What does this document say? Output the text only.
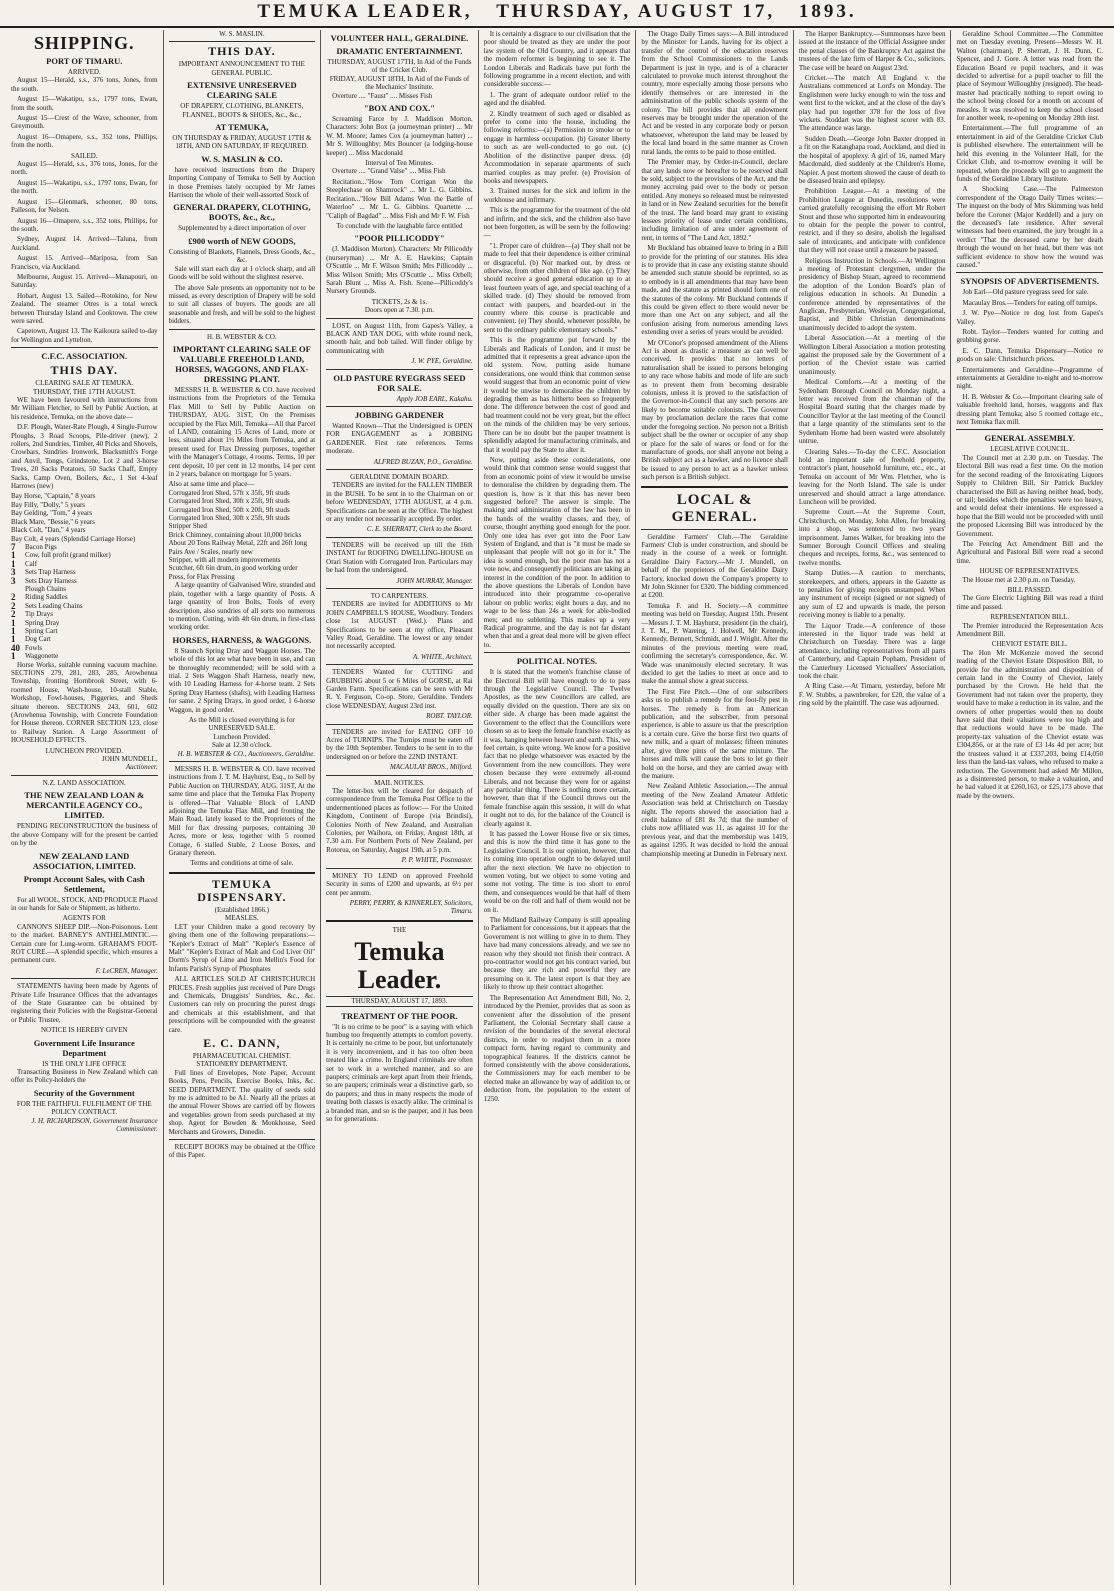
TEMUKA LEADER, THURSDAY, AUGUST 17, 1893.
SHIPPING.
PORT OF TIMARU.
ARRIVED.

August 15—Herald, s.s., 376 tons, Jones, from the south.

August 15—Wakatipu, s.s., 1797 tons, Ewan, from the south.

August 15—Crest of the Wave, schooner, from Greymouth.

August 16—Omapere, s.s., 352 tons, Phillips, from the north.

SAILED.

August 15—Herald, s.s., 376 tons, Jones, for the north.

August 15—Wakatipu, s.s., 1797 tons, Ewan, for the north.

August 15—Glenmark, schooner, 80 tons, Palleson, for Nelson.

August 16—Omapere, s.s., 352 tons, Phillips, for the south.

Sydney, August 14. Arrived—Taluna, from Auckland.

August 15. Arrived—Mariposa, from San Francisco, via Auckland.

Melbourne, August 15. Arrived—Manapouri, on Saturday.

Hobart, August 13. Sailed—Rotokino, for New Zealand. The steamer Otres is a total wreck between Thursday Island and Cooktown. The crew were saved.

Capetown, August 13. The Kaikoura sailed to-day for Wellington and Lyttelton.

C.F.C. ASSOCIATION.
THIS DAY.
CLEARING SALE AT TEMUKA.
THURSDAY, THE 17TH AUGUST.

WE have been favoured with instructions from Mr William Fletcher, to Sell by Public Auction, at his residence, Temuka, on the above date—

D.F. Plough, Water-Rate Plough, 4 Single-Furrow Ploughs, 3 Road Scoops, Pile-driver (new), 2 rollers, 2nd Sundries, Timber, 40 Picks and Shovels, Crowbars, Sundries Ironwork, Blacksmith's Forge and Anvil, Tongs, Grindstone, Lot 2 and 3-horse Trees, 20 Sacks Potatoes, 50 Sacks Chaff, Empty Sacks, Camp Oven, Boilers, &c., 1 Set 4-leaf Harrows (new)

Bay Horse, "Captain," 8 years
Bay Filly, "Dolly," 5 years
Bay Gelding, "Tom," 4 years
Black Mare, "Bessie," 6 years
Black Colt, "Dan," 4 years
Bay Colt, 4 years (Splendid Carriage Horse)
7	Bacon Pigs
1	Cow, full profit (grand milker)
1	Calf
3	Sets Trap Harness
3	Sets Dray Harness
Plough Chains
2	Riding Saddles
2	Sets Leading Chains
2	Tip Drays
1	Spring Dray
1	Spring Cart
1	Dog Cart
40 Fowls
1	Waggonette

Horse Works, suitable running vacuum machine. SECTIONS 279, 281, 283, 285, Arowhenua Township, fronting Hornbrook Street, with 6-roomed House, Wash-house, 10-stall Stable, Workshop, Fowl-houses, Piggeries, and Sheds situate thereon. SECTIONS 243, 601, 602 (Arowhenua Township, with Concrete Foundation for House thereon. CORNER SECTION 123, close to Railway Station. A Large Assortment of HOUSEHOLD EFFECTS.

LUNCHEON PROVIDED.
JOHN MUNDELL,
Auctioneer.
N.Z. LAND ASSOCIATION.
THE NEW ZEALAND LOAN & MERCANTILE AGENCY CO., LIMITED.

PENDING RECONSTRUCTION the business of the above Company will for the present be carried on by the

NEW ZEALAND LAND ASSOCIATION, LIMITED.
Prompt Account Sales, with Cash Settlement,

For all WOOL, STOCK, AND PRODUCE Placed in our hands for Sale or Shipment, as hitherto.

AGENTS FOR

CANNON'S SHEEP DIP.—Non-Poisonous. Lent to the market. BARNEY'S ANTHELMINTIC.—Certain cure for Lung-worm. GRAHAM'S FOOT-ROT CURE.—A splendid specific, which ensures a permanent cure.

F. LeCREN, Manager.

STATEMENTS having been made by Agents of Private Life Insurance Offices that the advantages of the State Guarantee can be obtained by registering their Policies with the Registrar-General or Public Trustee,

NOTICE IS HEREBY GIVEN
Government Life Insurance Department
IS THE ONLY LIFE OFFICE

Transacting Business in New Zealand which can offer its Policy-holders the

Security of the Government
FOR THE FAITHFUL FULFILMENT OF THE POLICY CONTRACT.
J. H. RICHARDSON, Government Insurance Commissioner.
W. S. MASLIN.
THIS DAY.
IMPORTANT ANNOUNCEMENT TO THE GENERAL PUBLIC.
EXTENSIVE UNRESERVED CLEARING SALE
OF DRAPERY, CLOTHING, BLANKETS, FLANNEL, BOOTS & SHOES, &c., &c.,
AT TEMUKA,
ON THURSDAY & FRIDAY, AUGUST 17TH & 18TH, AND ON SATURDAY, IF REQUIRED.
W. S. MASLIN & CO.

have received instructions from the Drapery Importing Company of Temuka to Sell by Auction in those Premises lately occupied by Mr James Harrison the whole of their well-assorted Stock of

GENERAL DRAPERY, CLOTHING, BOOTS, &c., &c.,
Supplemented by a direct importation of over
£900 worth of NEW GOODS,
Consisting of Blankets, Flannels, Dress Goods, &c., &c.

Sale will start each day at 1 o'clock sharp, and all Goods will be sold without the slightest reserve.

The above Sale presents an opportunity not to be missed, as every description of Drapery will be sold to suit all classes of buyers. The goods are all seasonable and fresh, and will be sold to the highest bidders.

H. B. WEBSTER & CO.
IMPORTANT CLEARING SALE OF VALUABLE FREEHOLD LAND, HORSES, WAGGONS, AND FLAX-DRESSING PLANT.

MESSRS H. B. WEBSTER & CO. have received instructions from the Proprietors of the Temuka Flax Mill to Sell by Public Auction on THURSDAY, AUG. 31ST, On the Premises occupied by the Flax Mill, Temuka—All that Parcel of LAND, containing 15 Acres of Land, more or less, situated about 1½ Miles from Temuka, and at present used for Flax Dressing purposes, together with the Manager's Cottage, 4 rooms. Terms, 10 per cent deposit, 10 per cent in 12 months, 14 per cent in 2 years, balance on mortgage for 5 years.

Also at same time and place—
Corrugated Iron Shed, 57ft x 35ft, 9ft studs
Corrugated Iron Shed, 30ft x 25ft, 9ft studs
Corrugated Iron Shed, 50ft x 20ft, 9ft studs
Corrugated Iron Shed, 30ft x 25ft, 9ft studs
Stripper Shed
Brick Chimney, containing about 10,000 bricks
About 20 Tons Railway Metal, 22ft and 26ft long
Pairs Ave / Scales, nearly new
Stripper, with all modern improvements
Scutcher, 6ft 6in drum, in good working order
Press, for Flax Pressing

A large quantity of Galvanised Wire, stranded and plain, together with a large quantity of Posts. A large quantity of Iron Bolts, Tools of every description, also sundries of all sorts too numerous to mention. Cutting, with 4ft 6in drum, in first-class working order.

HORSES, HARNESS, & WAGGONS.

8 Staunch Spring Dray and Waggon Horses. The whole of this lot are what have been in use, and can be thoroughly recommended; will be sold with a trial. 2 Sets Waggon Shaft Harness, nearly new, with 10 Leading Harness for 4-horse team. 2 Sets Spring Dray Harness (shafts), with Leading Harness for same. 2 Spring Drays, in good order, 1 6-horse Waggon, in good order.

As the Mill is closed everything is for UNRESERVED SALE.
Luncheon Provided.
Sale at 12.30 o'clock.
H. B. WEBSTER & CO., Auctioneers, Geraldine.

MESSRS H. B. WEBSTER & CO. have received instructions from J. T. M. Hayhurst, Esq., to Sell by Public Auction on THURSDAY, AUG. 31ST, At the same time and place that the Temuka Flax Property is offered—That Valuable Block of LAND adjoining the Temuka Flax Mill, and fronting the Main Road, lately leased to the Proprietors of the Mill for flax dressing purposes, containing 30 Acres, more or less, together with 5 roomed Cottage, 6 stalled Stable, 2 Loose Boxes, and Granary thereon.

Terms and conditions at time of sale.
TEMUKA DISPENSARY.
(Established 1866.)
MEASLES.

LET your Children make a good recovery by giving them one of the following preparations:— "Kepler's Extract of Malt" "Kepler's Essence of Malt" "Kepler's Extract of Malt and Cod Liver Oil" Dorm's Syrup of Lime and Iron Mellin's Food for Infants Parish's Syrup of Phosphates

ALL ARTICLES SOLD AT CHRISTCHURCH PRICES. Fresh supplies just received of Pure Drugs and Chemicals, Druggists' Sundries, &c., &c. Customers can rely on procuring the purest drugs and chemicals at this establishment, and that prescriptions will be compounded with the greatest care.

E. C. DANN,
PHARMACEUTICAL CHEMIST.
STATIONERY DEPARTMENT.

Full lines of Envelopes, Note Paper, Account Books, Pens, Pencils, Exercise Books, Inks, &c. SEED DEPARTMENT. The quality of seeds sold by me is admitted to be A1. Nearly all the prizes at the annual Flower Shows are carried off by flowers and vegetables grown from seeds purchased at my shop. Agent for Bowden & Monkhouse, Seed Merchants and Growers, Dunedin.

RECEIPT BOOKS may be obtained at the Office of this Paper.

VOLUNTEER HALL, GERALDINE.
DRAMATIC ENTERTAINMENT.
THURSDAY, AUGUST 17TH, In Aid of the Funds of the Cricket Club.
FRIDAY, AUGUST 18TH, In Aid of the Funds of the Mechanics' Institute.

Overture .... "Faust" .... Misses Fish

"BOX AND COX."

Screaming Farce by J. Maddison Morton. Characters: John Box (a journeyman printer) ... Mr W. M. Moore; James Cox (a journeyman hatter) ... Mr S. Willoughby; Mrs Bouncer (a lodging-house keeper) ... Miss Macdonald

Interval of Ten Minutes.

Overture .... "Grand Valse" .... Miss Fish

Recitation..."How Tom Corrigan Won the Steeplechase on Shamrock" ... Mr L. G. Gibbins. Recitation..."How Bill Adams Won the Battle of Waterloo" ... Mr L. G. Gibbins. Quartette .... "Caliph of Bagdad" ... Miss Fish and Mr F. W. Fish

To conclude with the laughable farce entitled
"POOR PILLICODDY"

(J. Maddison Morton). Characters: Mr Pillicoddy (nurseryman) ... Mr A. E. Hawkins; Captain O'Scuttle ... Mr F. Wilson Smith; Mrs Pillicoddy ... Miss Wilson Smith; Mrs O'Scuttle ... Miss Orbell; Sarah Blunt ... Miss A. Fish. Scene—Pillicoddy's Nursery Grounds.

TICKETS, 2s & 1s.
Doors open at 7.30. p.m.

LOST, on August 11th, from Gapes's Valley, a BLACK AND TAN DOG, with white round neck, smooth hair, and bob tailed. Will finder oblige by communicating with

J. W. PYE, Geraldine.
OLD PASTURE RYEGRASS SEED FOR SALE.
Apply JOB EARL, Kakahu.
JOBBING GARDENER

Wanted Known—That the Undersigned is OPEN FOR ENGAGEMENT as a JOBBING GARDENER. First rate references. Terms moderate.

ALFRED BUZAN, P.O., Geraldine.
GERALDINE DOMAIN BOARD.

TENDERS are invited for the FALLEN TIMBER in the BUSH. To be sent in to the Chairman on or before WEDNESDAY, 17TH AUGUST, at 4 p.m. Specifications can be seen at the Office. The highest or any tender not necessarily accepted. By order.

C. E. SHERRATT, Clerk to the Board.

TENDERS will be received up till the 16th INSTANT for ROOFING DWELLING-HOUSE on Orari Station with Corrugated Iron. Particulars may be had from the undersigned.

JOHN MURRAY, Manager.
TO CARPENTERS.

TENDERS are invited for ADDITIONS to Mr JOHN CAMPBELL'S HOUSE, Woodbury. Tenders close 1st AUGUST (Wed.). Plans and Specifications to be seen at my office, Pleasant Valley Road, Geraldine. The lowest or any tender not necessarily accepted.

A. WHITE, Architect.

TENDERS Wanted for CUTTING and GRUBBING about 5 or 6 Miles of GORSE, at Rai Garden Farm. Specifications can be seen with Mr R. Y. Ferguson, Co-op. Store, Geraldine. Tenders close WEDNESDAY, August 23rd inst.

ROBT. TAYLOR.

TENDERS are invited for EATING OFF 10 Acres of TURNIPS. The Turnips must be eaten off by the 10th September. Tenders to be sent in to the undersigned on or before the 22ND INSTANT.

MACAULAY BROS., Milford.
MAIL NOTICES.

The letter-box will be cleared for despatch of correspondence from the Temuka Post Office to the undermentioned places as follow:— For the United Kingdom, Continent of Europe (via Brindisi), Colonies North of New Zealand, and Australian Colonies, per Waihora, on Friday, August 18th, at 7.30 a.m. For Northern Ports of New Zealand, per Rotorua, on Saturday, August 19th, at 5 p.m.

P. P. WHITE, Postmaster.

MONEY TO LEND on approved Freehold Security in sums of £200 and upwards, at 6½ per cent per annum.

PERRY, PERRY, & KINNERLEY, Solicitors, Timaru.
THE
Temuka Leader.
THURSDAY, AUGUST 17, 1893.
TREATMENT OF THE POOR.

"It is no crime to be poor" is a saying with which humbug too frequently attempts to comfort poverty. It is certainly no crime to be poor, but unfortunately it is very inconvenient, and it has too often been treated like a crime. In England criminals are often set to work in a wretched manner, and so are paupers; criminals are kept apart from their friends, so are paupers; criminals wear a distinctive garb, so do paupers; and thus in many respects the mode of treating both classes is exactly alike. The criminal is a branded man, and so is the pauper, and it has been so for generations.

It is certainly a disgrace to our civilisation that the poor should be treated as they are under the poor law system of the Old Country, and it appears that the modern reformer is beginning to see it. The London Liberals and Radicals have put forth the following programme in a recent election, and with considerable success:—

1. The grant of adequate outdoor relief to the aged and the disabled.

2. Kindly treatment of such aged or disabled as prefer to come into the house, including the following reforms:—(a) Permission to smoke or to engage in harmless occupation. (b) Greater liberty to such as are well-conducted to go out. (c) Abolition of the distinctive pauper dress. (d) Accommodation in separate apartments of such married couples as may prefer. (e) Provision of books and newspapers.

3. Trained nurses for the sick and infirm in the workhouse and infirmary.

This is the programme for the treatment of the old and infirm, and the sick, and the children also have not been forgotten, as will be seen by the following:—

"1. Proper care of children—(a) They shall not be made to feel that their dependence is either criminal or disgraceful. (b) Nor marked out, by dress or otherwise, from other children of like age. (c) They should receive a good general education up to at least fourteen years of age, and special teaching of a skilled trade. (d) They should be removed from contact with paupers, and boarded-out in the country where this course is practicable and convenient. (e) They should, whenever possible, be sent to the ordinary public elementary schools."

This is the programme put forward by the Liberals and Radicals of London, and it must be admitted that it represents a great advance upon the old system. Now, putting aside humane considerations, one would think that common sense would suggest that from an economic point of view it would be unwise to demoralise the children by degrading them as has hitherto been so frequently done. The difference between the cost of good and bad treatment could not be very great, but the effect on the minds of the children may be very serious. There can be no doubt but the pauper treatment is splendidly adapted for manufacturing criminals, and that it would pay the State to alter it.

Now, putting aside these considerations, one would think that common sense would suggest that from an economic point of view it would be unwise to demoralise the children by degrading them. The question is, how is it that this has never been suggested before? The answer is simple. The making and administration of the law has been in the hands of the wealthy classes, and they, of course, thought anything good enough for the poor. Only one idea has ever got into the Poor Law System of England, and that is "it must be made so unpleasant that people will not go in for it." The idea is sound enough, but the poor man has not a vote now, and consequently politicians are taking an interest in the condition of the poor. In addition to the above questions the Liberals of London have introduced into their programme co-operative labour on public works; eight hours a day, and no wage to be less than 24s a week for able-bodied men; and no subletting. This makes up a very Radical programme, and the day is not far distant when that and a great deal more will be given effect to.

POLITICAL NOTES.

It is stated that the women's franchise clause of the Electoral Bill will have enough to do to pass through the Legislative Council. The Twelve Apostles, as the new Councillors are called, are equally divided on the question. There are six on either side. A charge has been made against the Government to the effect that the Councillors were chosen so as to keep the female franchise exactly as it was, hanging between heaven and earth. This, we feel certain, is quite wrong. We know for a positive fact that no pledge whatsoever was exacted by the Government from the new councillors. They were chosen because they were extremely all-round Liberals, and not because they were for or against any particular thing. There is nothing more certain, however, than that if the Council throws out the female franchise again this session, it will do what it ought not to do, for the balance of the Council is clearly against it.

It has passed the Lower House five or six times, and this is now the third time it has gone to the Legislative Council. It is our opinion, however, that its coming into operation ought to be delayed until after the next election. We have no objection to women voting, but we object to some voting and some not voting. The time is too short to enrol them, and consequences would be that half of them would be on the roll and half of them would not be on it.

The Midland Railway Company is still appealing to Parliament for concessions, but it appears that the Government is not willing to give in to them. They have had many concessions already, and we see no reason why they should not finish their contract. A pro-contractor would not get his contract varied, but because they are rich and powerful they are presuming on it. The latest report is that they are likely to throw up their contract altogether.

The Representation Act Amendment Bill, No. 2, introduced by the Premier, provides that as soon as convenient after the dissolution of the present Parliament, the Colonial Secretary shall cause a revision of the boundaries of the several electoral districts, in order to readjust them in a more compact form, having regard to community and topographical features. If the districts cannot be formed consistently with the above considerations, the Commissioners may for each member to be elected make an allowance by way of addition to, or deduction from, the population to the extent of 1250.

The Otago Daily Times says:—A Bill introduced by the Minister for Lands, having for its object a transfer of the control of the education reserves from the School Commissioners to the Lands Department is just in type, and is of a character calculated to provoke much interest throughout the country, more especially among those persons who identify themselves or are interested in the administration of the public schools system of the colony. The bill provides that all endowment reserves may be brought under the operation of the Act and be vested in any corporate body or person whatsoever, whereupon the land may be leased by the local land board in the same manner as Crown rural lands, the rents to be paid to those entitled.

The Premier may, by Order-in-Council, declare that any lands now or hereafter to be reserved shall be sold, subject to the provisions of the Act, and the money accruing paid over to the body or person entitled. Any moneys so released must be reinvested in land or in New Zealand securities for the benefit of the trust. The land board may grant to existing lessees priority of lease under certain conditions, including limitation of area under agreement of rent, in terms of "The Land Act, 1892."

Mr Buckland has obtained leave to bring in a Bill to provide for the printing of our statutes. His idea is to provide that in case any existing statute should be amended such statute should be reprinted, so as to embody in it all amendments that may have been made, and the statute as printed should form one of the statutes of the colony. Mr Buckland contends if this could be given effect to there would never be more than one Act on any subject, and all the confusion arising from numerous amending laws extending over a series of years would be avoided.

Mr O'Conor's proposed amendment of the Aliens Act is about as drastic a measure as can well be conceived. It provides that no letters of naturalisation shall be issued to persons belonging to any race whose habits and mode of life are such as to prevent them from becoming desirable colonists, unless it is proved to the satisfaction of the Governor-in-Council that any such persons are likely to become suitable colonists. The Governor may by proclamation declare the races that come under the foregoing section. No person not a British subject shall be the owner or occupier of any shop or place for the sale of wares or food or for the manufacture of goods, nor shall anyone not being a British subject act as a hawker, and no licence shall be issued to any person to act as a hawker unless such person is a British subject.

LOCAL & GENERAL.

Geraldine Farmers' Club.—The Geraldine Farmers' Club is under construction, and should be ready in the course of a week or fortnight. Geraldine Dairy Factory.—Mr J. Mundell, on behalf of the proprietors of the Geraldine Dairy Factory, knocked down the Company's property to Mr John Skinner for £320. The bidding commenced at £200.

Temuka F. and H. Society.—A committee meeting was held on Tuesday, August 15th. Present—Messrs J. T. M. Hayhurst, president (in the chair), J. T. M., P. Wareing, J. Holwell, Mr Kennedy, Kennedy, Bennett, Schmidt, and J. Wright. After the minutes of the previous meeting were read, confirming the secretary's correspondence, &c. W. Wade was unanimously elected secretary. It was decided to get the ladies to meet at once and to make the annual show a great success.

The First Fire Pitch.—One of our subscribers asks us to publish a remedy for the foot-fly pest in horses. The remedy is from an American publication, and the subscriber, from personal experience, is able to assure us that the prescription is a certain cure. Give the horse first two quarts of new milk, and a quart of molasses; fifteen minutes after, give three pints of the same mixture. The horses and milk will cause the bots to let go their hold on the horse, and they are carried away with the manure.

New Zealand Athletic Association.—The annual meeting of the New Zealand Amateur Athletic Association was held at Christchurch on Tuesday night. The reports showed the association had a credit balance of £81 8s 7d; that the number of clubs now affiliated was 11, as against 10 for the previous year, and that the membership was 1419, as against 1295. It was decided to hold the annual championship meeting at Dunedin in February next.

The Harper Bankruptcy.—Summonses have been issued at the instance of the Official Assignee under the penal clauses of the Bankruptcy Act against the trustees of the late firm of Harper & Co., solicitors. The case will be heard on August 23rd.

Cricket.—The match All England v. the Australians commenced at Lord's on Monday. The Englishmen were lucky enough to win the toss and went first to the wicket, and at the close of the day's play had put together 378 for the loss of five wickets. Stoddart was the highest scorer with 83. The attendance was large.

Sudden Death.—George John Baxter dropped in a fit on the Katanghapa road, Auckland, and died in the hospital of apoplexy. A girl of 16, named Mary Macdonald, died suddenly at the Children's Home, Napier. A post mortem showed the cause of death to be diseased brain and epilepsy.

Prohibition League.—At a meeting of the Prohibition League at Dunedin, resolutions were carried gratefully recognising the effort Mr Robert Stout and those who supported him in endeavouring to obtain for the people the power to control, restrict, and if they so desire, abolish the legalised sale of intoxicants, and anticipate with confidence that they will not cease until a measure be passed.

Religious Instruction in Schools.—At Wellington a meeting of Protestant clergymen, under the presidency of Bishop Stuart, agreed to recommend the adoption of the London Board's plan of religious education in schools. At Dunedin a conference attended by representatives of the Anglican, Presbyterian, Wesleyan, Congregational, Baptist, and Bible Christian denominations unanimously decided to adopt the system.

Liberal Association.—At a meeting of the Wellington Liberal Association a motion protesting against the proposed sale by the Government of a portion of the Cheviot estate was carried unanimously.

Medical Comforts.—At a meeting of the Sydenham Borough Council on Monday night, a letter was received from the chairman of the Hospital Board stating that the charges made by Councillor Taylor at the last meeting of the Council that a large quantity of the stimulants sent to the Sydenham Home had been wasted were absolutely untrue.

Clearing Sales.—To-day the C.F.C. Association hold an important sale of freehold property, contractor's plant, household furniture, etc., etc., at Temuka on account of Mr Wm. Fletcher, who is leaving for the North Island. The sale is under unreserved and should attract a large attendance. Luncheon will be provided.

Supreme Court.—At the Supreme Court, Christchurch, on Monday, John Allen, for breaking into a shop, was sentenced to two years' imprisonment. James Walker, for breaking into the Sumner Borough Council Offices and stealing cheques and receipts, forms, &c., was sentenced to twelve months.

Stamp Duties.—A caution to merchants, storekeepers, and others, appears in the Gazette as to penalties for giving receipts unstamped. When any instrument of receipt (signed or not signed) of any sum of £2 and upwards is made, the person receiving money is liable to a penalty.

The Liquor Trade.—A conference of those interested in the liquor trade was held at Christchurch on Tuesday. There was a large attendance, including representatives from all parts of Canterbury, and Captain Popham, President of the Canterbury Licensed Victuallers' Association, took the chair.

A Ring Case.—At Timaru, yesterday, before Mr F. W. Stubbs, a pawnbroker, for £20, the value of a ring sold by the plaintiff. The case was adjourned.

Geraldine School Committee.—The Committee met on Tuesday evening. Present—Messrs W. H. Walton (chairman), P. Sherratt, J. H. Dunn, C. Spencer, and J. Gore. A letter was read from the Education Board re pupil teachers, and it was decided to advertise for a pupil teacher to fill the place of Seymour Willoughby (resigned). The head-master had practically nothing to report owing to the school being closed for a month on account of measles. It was resolved to keep the school closed for another week, re-opening on Monday 28th inst.

Entertainment.—The full programme of an entertainment in aid of the Geraldine Cricket Club is published elsewhere. The entertainment will be held this evening in the Volunteer Hall, for the Cricket Club, and to-morrow evening it will be repeated, when the proceeds will go to augment the funds of the Geraldine Library Institute.

A Shocking Case.—The Palmerston correspondent of the Otago Daily Times writes:—The inquest on the body of Mrs Skimming was held before the Coroner (Major Keddell) and a jury on the deceased's late residence. After several witnesses had been examined, the jury brought in a verdict "That the deceased came by her death through the wound on her head, but there was not sufficient evidence to show how the wound was caused."

SYNOPSIS OF ADVERTISEMENTS.

Job Earl—Old pasture ryegrass seed for sale.

Macaulay Bros.—Tenders for eating off turnips.

J. W. Pye—Notice re dog lost from Gapes's Valley.

Robt. Taylor—Tenders wanted for cutting and grubbing gorse.

E. C. Dann, Temuka Dispensary—Notice re goods on sale: Christchurch prices.

Entertainments and Geraldine—Programme of entertainments at Geraldine to-night and to-morrow night.

H. B. Webster & Co.—Important clearing sale of valuable freehold land, horses, waggons and flax dressing plant Temuka; also 5 roomed cottage etc., next Temuka flax mill.

GENERAL ASSEMBLY.
LEGISLATIVE COUNCIL.

The Council met at 2.30 p.m. on Tuesday. The Electoral Bill was read a first time. On the motion for the second reading of the Intoxicating Liquors Supply to Children Bill, Sir Patrick Buckley characterised the Bill as having neither head, body, or tail; besides which the penalties were too heavy, and would defeat their intentions. He expressed a hope that the Bill would not be proceeded with until the proposed Licensing Bill was introduced by the Government.

The Fencing Act Amendment Bill and the Agricultural and Pastoral Bill were read a second time.

HOUSE OF REPRESENTATIVES.

The House met at 2.30 p.m. on Tuesday.

BILL PASSED.

The Gore Electric Lighting Bill was read a third time and passed.

REPRESENTATION BILL.

The Premier introduced the Representation Acts Amendment Bill.

CHEVIOT ESTATE BILL.

The Hon Mr McKenzie moved the second reading of the Cheviot Estate Disposition Bill, to provide for the administration and disposition of certain land in the County of Cheviot, lately purchased by the Crown. He held that the Government had not taken over the property, they would have to make a reduction in its value, and the owners of other properties would then no doubt have said that their valuations were too high and that reductions would have to be made. The property-tax valuation of the Cheviot estate was £304,856, or at the rate of £3 14s 4d per acre; but the trustees valued it at £337,203, being £14,050 less than the land-tax values, who refused to make a reduction. The Government had asked Mr Millon, as a disinterested person, to make a valuation, and he had valued it at £260,163, or £25,173 above that made by the owners.
